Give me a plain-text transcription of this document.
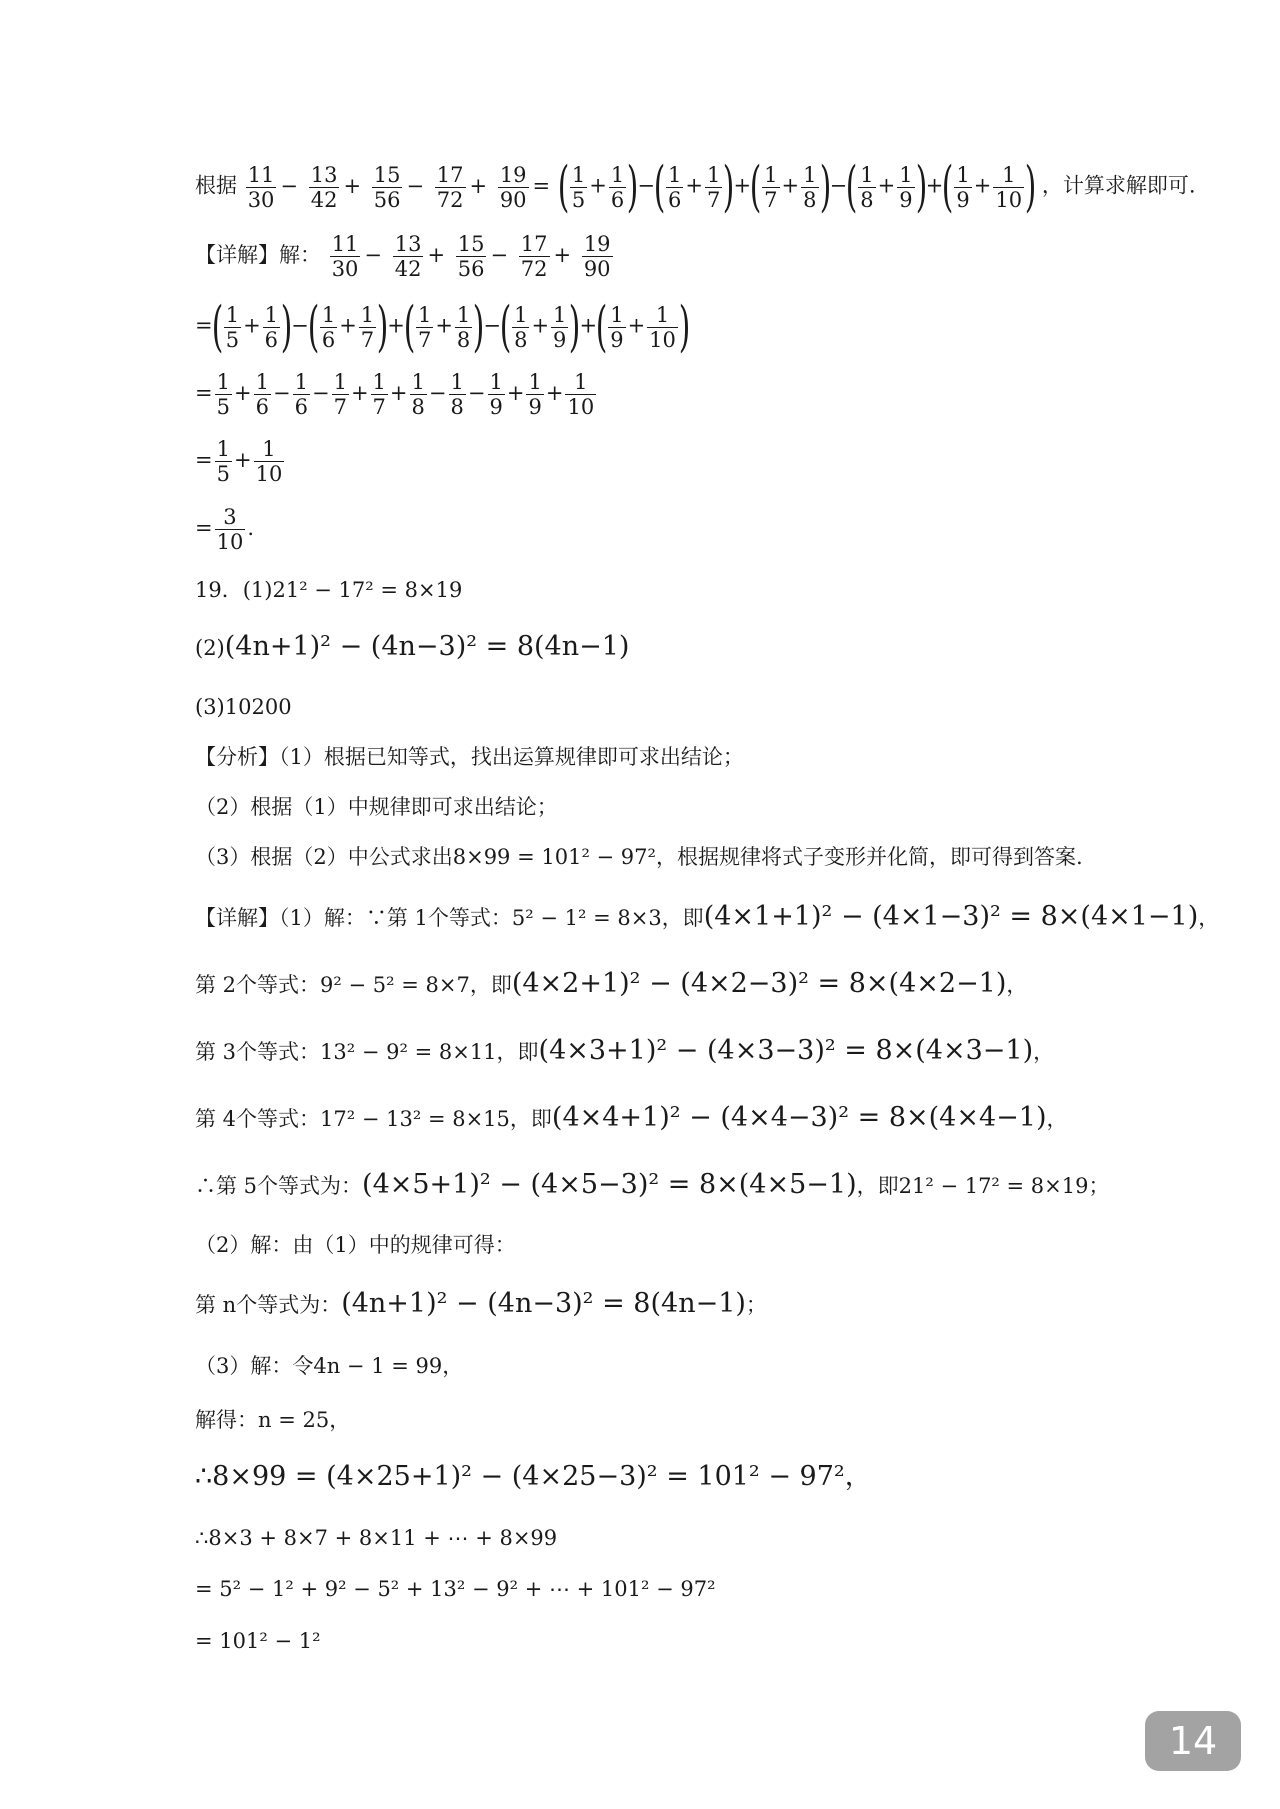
根据 $\frac{11}{30} - \frac{13}{42} + \frac{15}{56} - \frac{17}{72} + \frac{19}{90}$ = ( $\frac{1}{5} + \frac{1}{6}$ )−( $\frac{1}{6} + \frac{1}{7}$ )+( $\frac{1}{7} + \frac{1}{8}$ )−( $\frac{1}{8} + \frac{1}{9}$ )+( $\frac{1}{9} + \frac{1}{10}$ ) ，计算求解即可.
【详解】解： $\frac{11}{30} - \frac{13}{42} + \frac{15}{56} - \frac{17}{72} + \frac{19}{90}$
=( $\frac{1}{5} + \frac{1}{6}$ )−( $\frac{1}{6} + \frac{1}{7}$ )+( $\frac{1}{7} + \frac{1}{8}$ )−( $\frac{1}{8} + \frac{1}{9}$ )+( $\frac{1}{9} + \frac{1}{10}$ )
= $\frac{1}{5} + \frac{1}{6} - \frac{1}{6} - \frac{1}{7} + \frac{1}{7} + \frac{1}{8} - \frac{1}{8} - \frac{1}{9} + \frac{1}{9} + \frac{1}{10}$
= $\frac{1}{5} + \frac{1}{10}$
= $\frac{3}{10}$ .
19．(1)21² − 17² = 8×19
(2)(4n+1)² − (4n−3)² = 8(4n−1)
(3)10200
【分析】（1）根据已知等式，找出运算规律即可求出结论；
（2）根据（1）中规律即可求出结论；
（3）根据（2）中公式求出8×99 = 101² − 97²，根据规律将式子变形并化简，即可得到答案.
【详解】（1）解：∵第 1个等式：5² − 1² = 8×3，即(4×1+1)² − (4×1−3)² = 8×(4×1−1)，
第 2个等式：9² − 5² = 8×7，即(4×2+1)² − (4×2−3)² = 8×(4×2−1)，
第 3个等式：13² − 9² = 8×11，即(4×3+1)² − (4×3−3)² = 8×(4×3−1)，
第 4个等式：17² − 13² = 8×15，即(4×4+1)² − (4×4−3)² = 8×(4×4−1)，
∴第 5个等式为：(4×5+1)² − (4×5−3)² = 8×(4×5−1)，即21² − 17² = 8×19；
（2）解：由（1）中的规律可得：
第 n个等式为：(4n+1)² − (4n−3)² = 8(4n−1)；
（3）解：令4n − 1 = 99，
解得：n = 25，
∴8×99 = (4×25+1)² − (4×25−3)² = 101² − 97²，
∴8×3 + 8×7 + 8×11 + ⋯ + 8×99
= 5² − 1² + 9² − 5² + 13² − 9² + ⋯ + 101² − 97²
= 101² − 1²
14
